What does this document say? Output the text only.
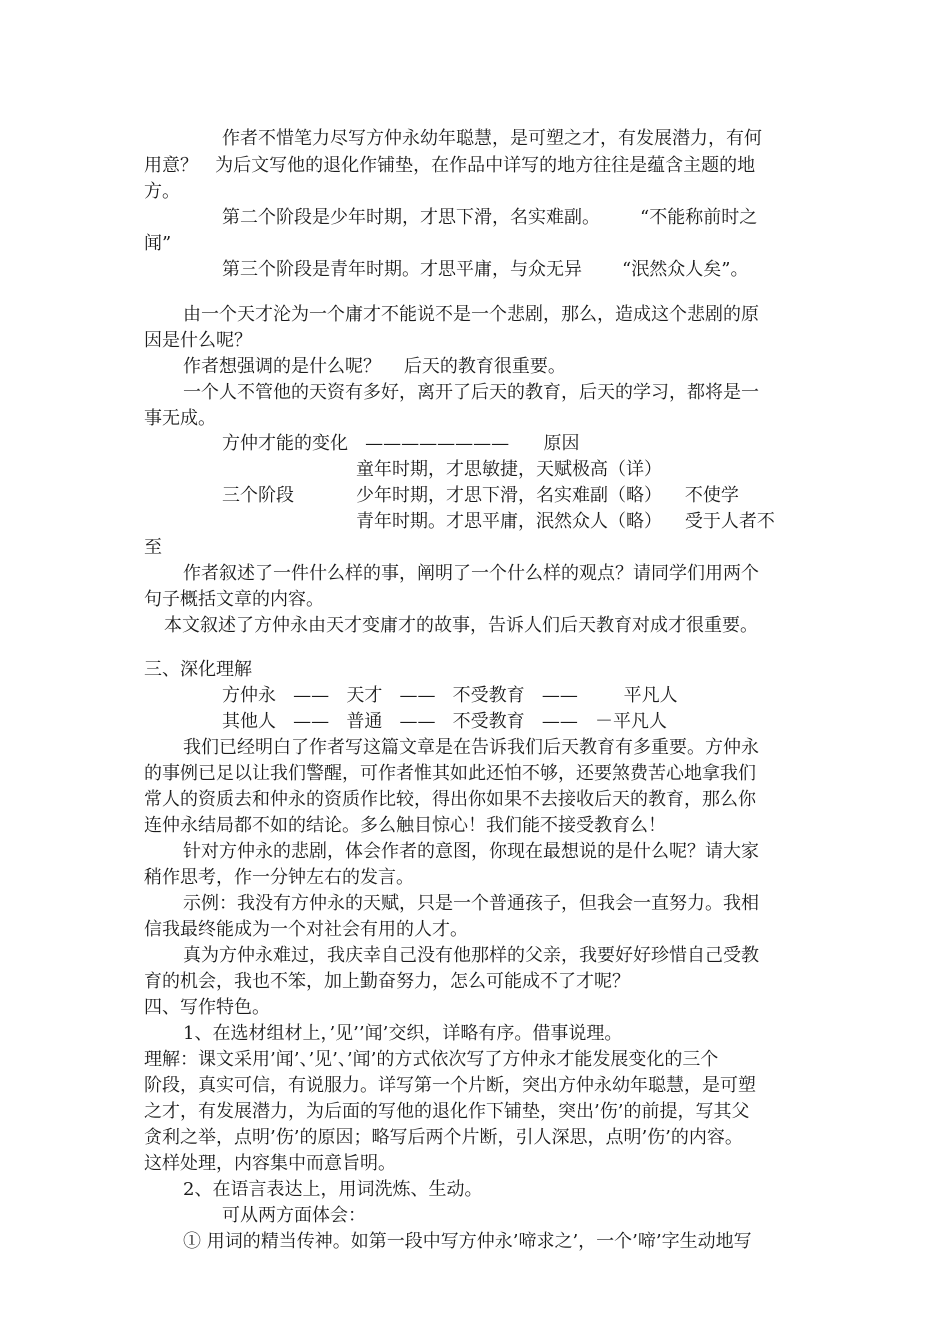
作者不惜笔力尽写方仲永幼年聪慧，是可塑之才，有发展潜力，有何
用意？   为后文写他的退化作铺垫，在作品中详写的地方往往是蕴含主题的地
方。
第二个阶段是少年时期，才思下滑，名实难副。       “不能称前时之
闻”
第三个阶段是青年时期。才思平庸，与众无异       “泯然众人矣”。
由一个天才沦为一个庸才不能说不是一个悲剧，那么，造成这个悲剧的原
因是什么呢？
作者想强调的是什么呢？    后天的教育很重要。
一个人不管他的天资有多好，离开了后天的教育，后天的学习，都将是一
事无成。
方仲才能的变化   ————————      原因
童年时期，才思敏捷，天赋极高（详）
三个阶段	少年时期，才思下滑，名实难副（略）    不使学
青年时期。才思平庸，泯然众人（略）    受于人者不
至
作者叙述了一件什么样的事，阐明了一个什么样的观点？请同学们用两个
句子概括文章的内容。
本文叙述了方仲永由天才变庸才的故事，告诉人们后天教育对成才很重要。
三、深化理解
方仲永   ——   天才   ——   不受教育   ——        平凡人
其他人   ——   普通   ——   不受教育   ——   －平凡人
我们已经明白了作者写这篇文章是在告诉我们后天教育有多重要。方仲永
的事例已足以让我们警醒，可作者惟其如此还怕不够，还要煞费苦心地拿我们
常人的资质去和仲永的资质作比较，得出你如果不去接收后天的教育，那么你
连仲永结局都不如的结论。多么触目惊心！我们能不接受教育么！
针对方仲永的悲剧，体会作者的意图，你现在最想说的是什么呢？请大家
稍作思考，作一分钟左右的发言。
示例：我没有方仲永的天赋，只是一个普通孩子，但我会一直努力。我相
信我最终能成为一个对社会有用的人才。
真为方仲永难过，我庆幸自己没有他那样的父亲，我要好好珍惜自己受教
育的机会，我也不笨，加上勤奋努力，怎么可能成不了才呢？
四、写作特色。
1、在选材组材上，’见’’闻’交织，详略有序。借事说理。
理解：课文采用’闻’、’见’、’闻’的方式依次写了方仲永才能发展变化的三个
阶段，真实可信，有说服力。详写第一个片断，突出方仲永幼年聪慧，是可塑
之才，有发展潜力，为后面的写他的退化作下铺垫，突出’伤’的前提，写其父
贪利之举，点明’伤’的原因；略写后两个片断，引人深思，点明’伤’的内容。
这样处理，内容集中而意旨明。
2、在语言表达上，用词洗炼、生动。
可从两方面体会：
① 用词的精当传神。如第一段中写方仲永’啼求之’，一个’啼’字生动地写
